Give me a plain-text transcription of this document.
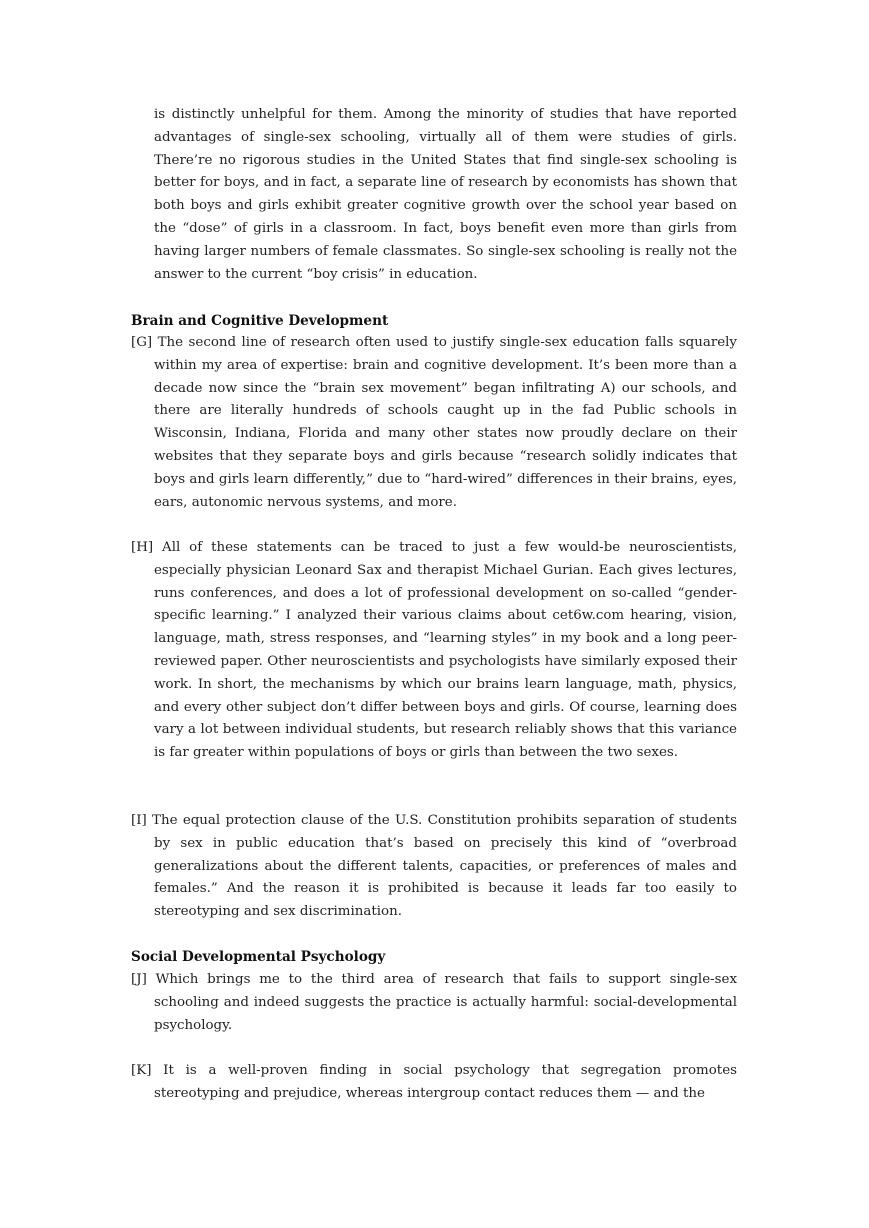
is distinctly unhelpful for them. Among the minority of studies that have reported advantages of single-sex schooling, virtually all of them were studies of girls. There’re no rigorous studies in the United States that find single-sex schooling is better for boys, and in fact, a separate line of research by economists has shown that both boys and girls exhibit greater cognitive growth over the school year based on the “dose” of girls in a classroom. In fact, boys benefit even more than girls from having larger numbers of female classmates. So single-sex schooling is really not the answer to the current “boy crisis” in education.

Brain and Cognitive Development

[G] The second line of research often used to justify single-sex education falls squarely within my area of expertise: brain and cognitive development. It’s been more than a decade now since the “brain sex movement” began infiltrating A) our schools, and there are literally hundreds of schools caught up in the fad Public schools in Wisconsin, Indiana, Florida and many other states now proudly declare on their websites that they separate boys and girls because “research solidly indicates that boys and girls learn differently,” due to “hard-wired” differences in their brains, eyes, ears, autonomic nervous systems, and more.

[H] All of these statements can be traced to just a few would-be neuroscientists, especially physician Leonard Sax and therapist Michael Gurian. Each gives lectures, runs conferences, and does a lot of professional development on so-called “gender-specific learning.” I analyzed their various claims about cet6w.com hearing, vision, language, math, stress responses, and “learning styles” in my book and a long peer-reviewed paper. Other neuroscientists and psychologists have similarly exposed their work. In short, the mechanisms by which our brains learn language, math, physics, and every other subject don’t differ between boys and girls. Of course, learning does vary a lot between individual students, but research reliably shows that this variance is far greater within populations of boys or girls than between the two sexes.

[I] The equal protection clause of the U.S. Constitution prohibits separation of students by sex in public education that’s based on precisely this kind of “overbroad generalizations about the different talents, capacities, or preferences of males and females.” And the reason it is prohibited is because it leads far too easily to stereotyping and sex discrimination.

Social Developmental Psychology

[J] Which brings me to the third area of research that fails to support single-sex schooling and indeed suggests the practice is actually harmful: social-developmental psychology.

[K] It is a well-proven finding in social psychology that segregation promotes stereotyping and prejudice, whereas intergroup contact reduces them — and the
